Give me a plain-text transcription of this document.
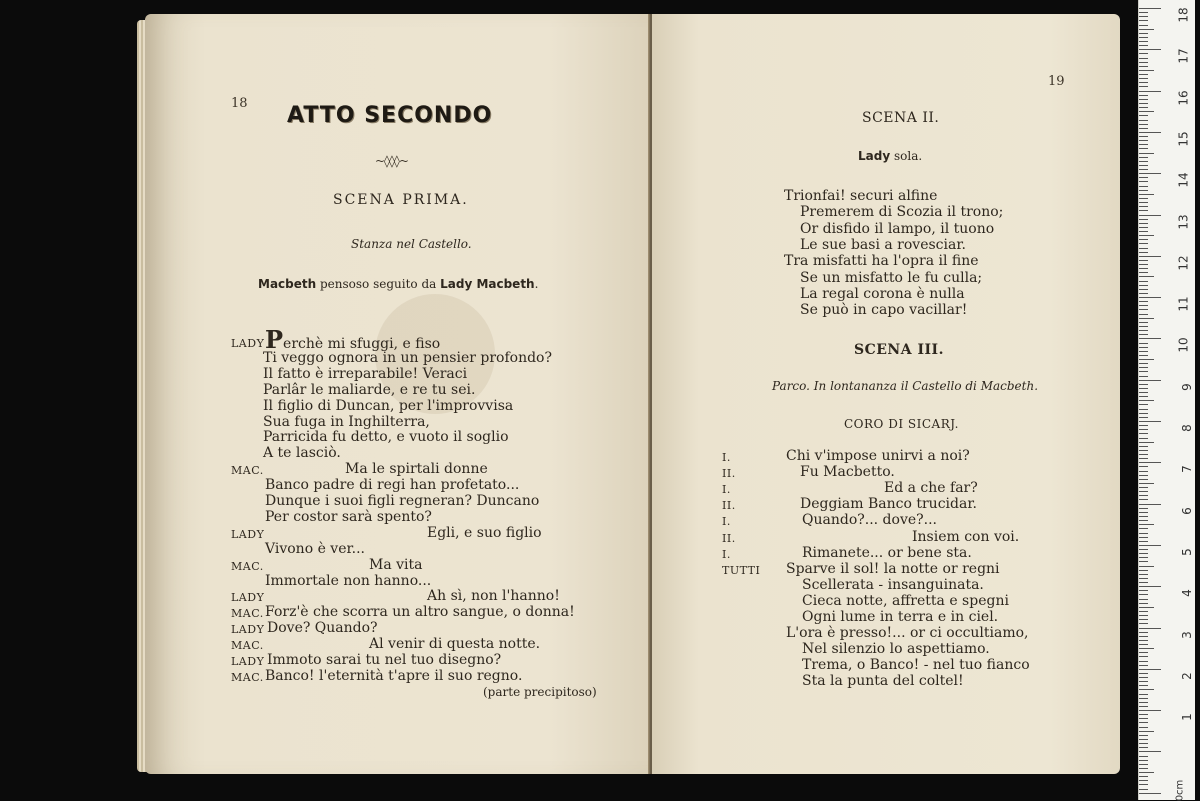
18 ATTO SECONDO
~◊◊◊~
SCENA PRIMA.
Stanza nel Castello.
Macbeth pensoso seguito da Lady Macbeth.
LADY Perchè mi sfuggi, e fiso
Ti veggo ognora in un pensier profondo?
Il fatto è irreparabile! Veraci
Parlâr le maliarde, e re tu sei.
Il figlio di Duncan, per l'improvvisa
Sua fuga in Inghilterra,
Parricida fu detto, e vuoto il soglio
A te lasciò.
MAC.	Ma le spirtali donne
Banco padre di regi han profetato...
Dunque i suoi figli regneran? Duncano
Per costor sarà spento?
LADY	Egli, e suo figlio
Vivono è ver...
MAC.	Ma vita
Immortale non hanno...
LADY	Ah sì, non l'hanno!
MAC. Forz'è che scorra un altro sangue, o donna!
LADY Dove? Quando?
MAC.	Al venir di questa notte.
LADY Immoto sarai tu nel tuo disegno?
MAC. Banco! l'eternità t'apre il suo regno.
(parte precipitoso)
19
SCENA II.
Lady sola.
Trionfai! securi alfine
Premerem di Scozia il trono;
Or disfido il lampo, il tuono
Le sue basi a rovesciar.
Tra misfatti ha l'opra il fine
Se un misfatto le fu culla;
La regal corona è nulla
Se può in capo vacillar!
SCENA III.
Parco. In lontananza il Castello di Macbeth.
CORO DI SICARJ.
I.	Chi v'impose unirvi a noi?
II.	Fu Macbetto.
I.	Ed a che far?
II.	Deggiam Banco trucidar.
I.	Quando?... dove?...
II.	Insiem con voi.
I.	Rimanete... or bene sta.
TUTTI Sparve il sol! la notte or regni
Scellerata - insanguinata.
Cieca notte, affretta e spegni
Ogni lume in terra e in ciel.
L'ora è presso!... or ci occultiamo,
Nel silenzio lo aspettiamo.
Trema, o Banco! - nel tuo fianco
Sta la punta del coltel!
0cm
18
17
16
15
14
13
12
11
10
9
8
7
6
5
4
3
2
1
